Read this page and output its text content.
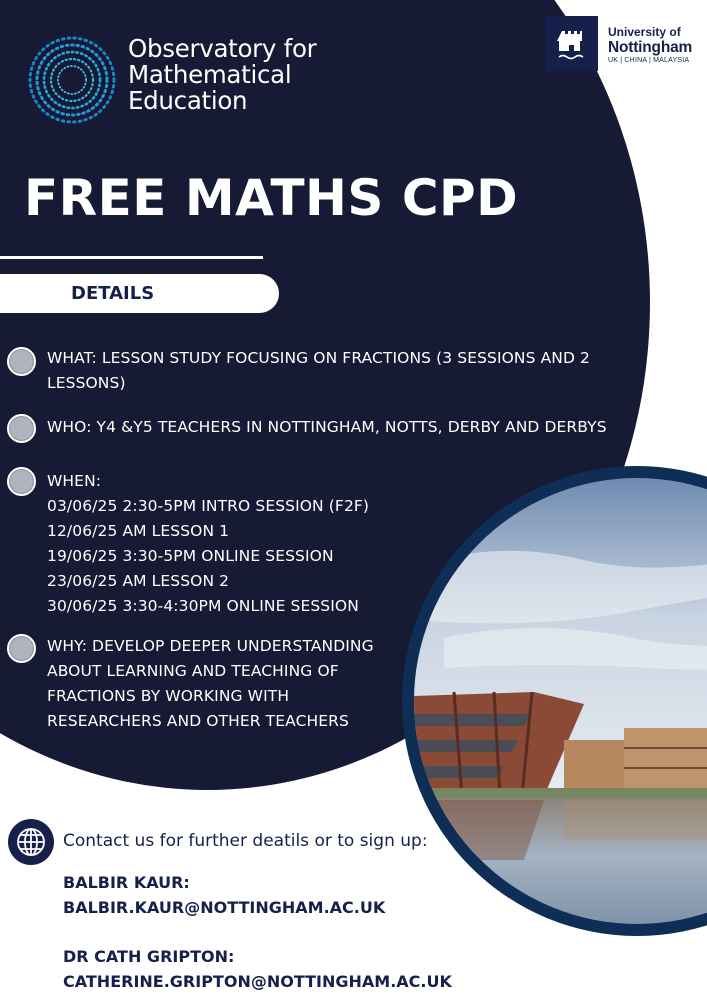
Observatory for
Mathematical
Education
University of
Nottingham
UK | CHINA | MALAYSIA
FREE MATHS CPD
DETAILS
WHAT: LESSON STUDY FOCUSING ON FRACTIONS (3 SESSIONS AND 2
LESSONS)
WHO: Y4 &Y5 TEACHERS IN NOTTINGHAM, NOTTS, DERBY AND DERBYS
WHEN:
03/06/25 2:30-5PM INTRO SESSION (F2F)
12/06/25 AM LESSON 1
19/06/25 3:30-5PM ONLINE SESSION
23/06/25 AM LESSON 2
30/06/25 3:30-4:30PM ONLINE SESSION
WHY: DEVELOP DEEPER UNDERSTANDING
ABOUT LEARNING AND TEACHING OF
FRACTIONS BY WORKING WITH
RESEARCHERS AND OTHER TEACHERS
Contact us for further deatils or to sign up:
BALBIR KAUR:
BALBIR.KAUR@NOTTINGHAM.AC.UK
DR CATH GRIPTON:
CATHERINE.GRIPTON@NOTTINGHAM.AC.UK
